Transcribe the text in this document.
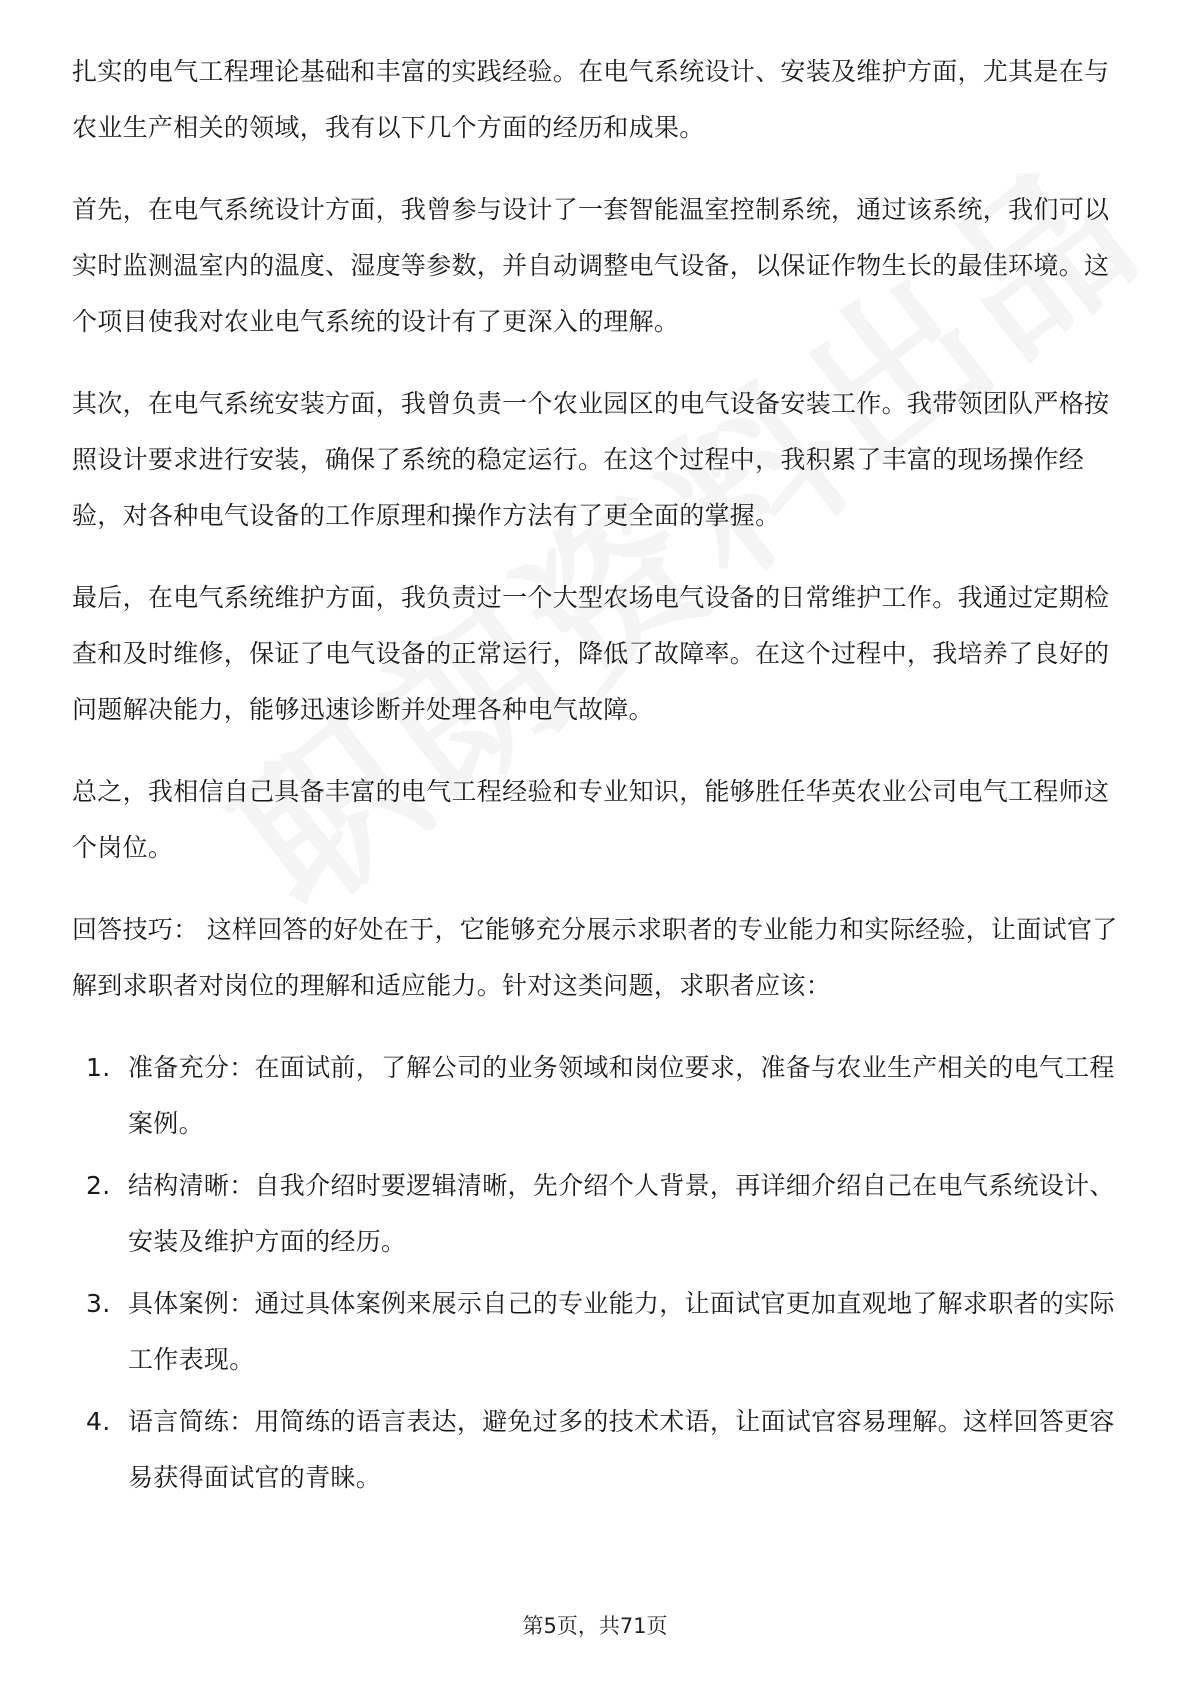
扎实的电气工程理论基础和丰富的实践经验。在电气系统设计、安装及维护方面，尤其是在与农业生产相关的领域，我有以下几个方面的经历和成果。

首先，在电气系统设计方面，我曾参与设计了一套智能温室控制系统，通过该系统，我们可以实时监测温室内的温度、湿度等参数，并自动调整电气设备，以保证作物生长的最佳环境。这个项目使我对农业电气系统的设计有了更深入的理解。

其次，在电气系统安装方面，我曾负责一个农业园区的电气设备安装工作。我带领团队严格按照设计要求进行安装，确保了系统的稳定运行。在这个过程中，我积累了丰富的现场操作经验，对各种电气设备的工作原理和操作方法有了更全面的掌握。

最后，在电气系统维护方面，我负责过一个大型农场电气设备的日常维护工作。我通过定期检查和及时维修，保证了电气设备的正常运行，降低了故障率。在这个过程中，我培养了良好的问题解决能力，能够迅速诊断并处理各种电气故障。

总之，我相信自己具备丰富的电气工程经验和专业知识，能够胜任华英农业公司电气工程师这个岗位。

回答技巧： 这样回答的好处在于，它能够充分展示求职者的专业能力和实际经验，让面试官了解到求职者对岗位的理解和适应能力。针对这类问题，求职者应该：

1. 准备充分：在面试前，了解公司的业务领域和岗位要求，准备与农业生产相关的电气工程案例。
2. 结构清晰：自我介绍时要逻辑清晰，先介绍个人背景，再详细介绍自己在电气系统设计、安装及维护方面的经历。
3. 具体案例：通过具体案例来展示自己的专业能力，让面试官更加直观地了解求职者的实际工作表现。
4. 语言简练：用简练的语言表达，避免过多的技术术语，让面试官容易理解。这样回答更容易获得面试官的青睐。
第5页，共71页
